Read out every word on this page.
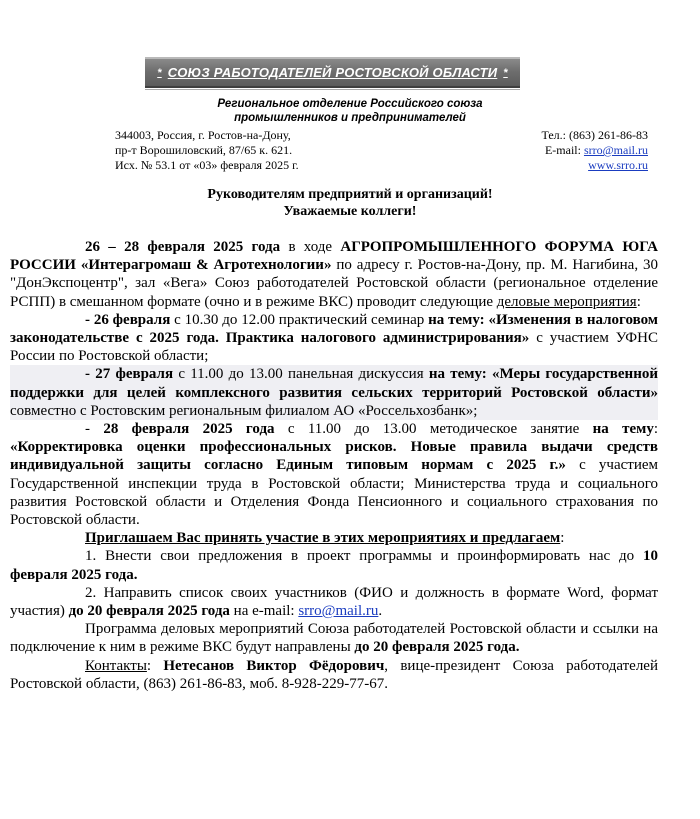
* СОЮЗ РАБОТОДАТЕЛЕЙ РОСТОВСКОЙ ОБЛАСТИ *
Региональное отделение Российского союза
промышленников и предпринимателей
344003, Россия, г. Ростов-на-Дону,
пр-т Ворошиловский, 87/65 к. 621.
Исх. № 53.1 от «03» февраля 2025 г.
Тел.: (863) 261-86-83
E-mail: srro@mail.ru
www.srro.ru
Руководителям предприятий и организаций!
Уважаемые коллеги!

26 – 28 февраля 2025 года в ходе АГРОПРОМЫШЛЕННОГО ФОРУМА ЮГА РОССИИ «Интерагромаш & Агротехнологии» по адресу г. Ростов-на-Дону, пр. М. Нагибина, 30 "ДонЭкспоцентр", зал «Вега» Союз работодателей Ростовской области (региональное отделение РСПП) в смешанном формате (очно и в режиме ВКС) проводит следующие деловые мероприятия:

- 26 февраля с 10.30 до 12.00 практический семинар на тему: «Изменения в налоговом законодательстве с 2025 года. Практика налогового администрирования» с участием УФНС России по Ростовской области;

- 27 февраля с 11.00 до 13.00 панельная дискуссия на тему: «Меры государственной поддержки для целей комплексного развития сельских территорий Ростовской области» совместно с Ростовским региональным филиалом АО «Россельхозбанк»;

- 28 февраля 2025 года с 11.00 до 13.00 методическое занятие на тему: «Корректировка оценки профессиональных рисков. Новые правила выдачи средств индивидуальной защиты согласно Единым типовым нормам с 2025 г.» с участием Государственной инспекции труда в Ростовской области; Министерства труда и социального развития Ростовской области и Отделения Фонда Пенсионного и социального страхования по Ростовской области.

Приглашаем Вас принять участие в этих мероприятиях и предлагаем:

1. Внести свои предложения в проект программы и проинформировать нас до 10 февраля 2025 года.

2. Направить список своих участников (ФИО и должность в формате Word, формат участия) до 20 февраля 2025 года на e-mail: srro@mail.ru.

Программа деловых мероприятий Союза работодателей Ростовской области и ссылки на подключение к ним в режиме ВКС будут направлены до 20 февраля 2025 года.

Контакты: Нетесанов Виктор Фёдорович, вице-президент Союза работодателей Ростовской области, (863) 261-86-83, моб. 8-928-229-77-67.
